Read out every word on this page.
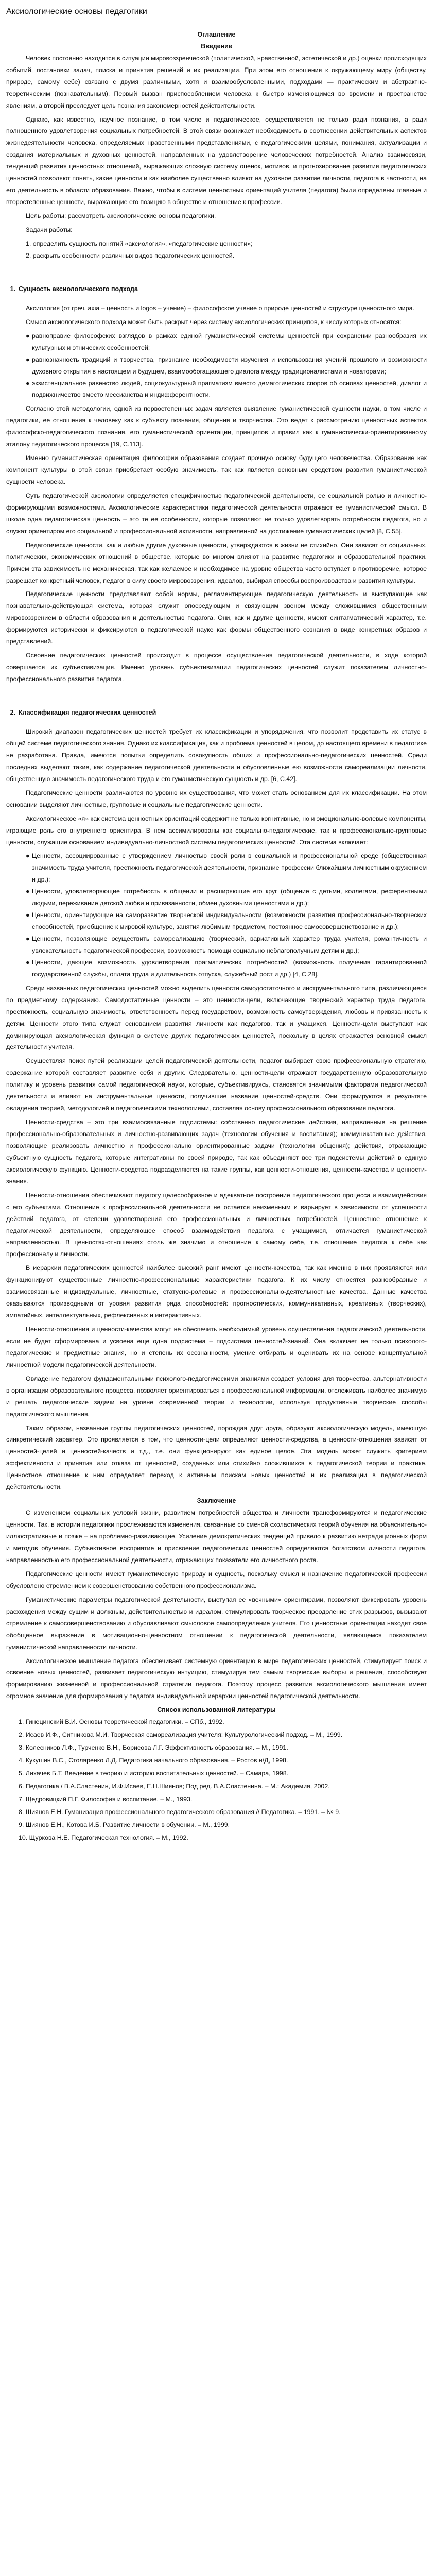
Аксиологические основы педагогики
Оглавление
Введение

Человек постоянно находится в ситуации мировоззренческой (политической, нравственной, эстетической и др.) оценки происходящих событий, постановки задач, поиска и принятия решений и их реализации. При этом его отношения к окружающему миру (обществу, природе, самому себе) связано с двумя различными, хотя и взаимообусловленными, подходами — практическим и абстрактно-теоретическим (познавательным). Первый вызван приспособлением человека к быстро изменяющимся во времени и пространстве явлениям, а второй преследует цель познания закономерностей действительности.

Однако, как известно, научное познание, в том числе и педагогическое, осуществляется не только ради познания, а ради полноценного удовлетворения социальных потребностей. В этой связи возникает необходимость в соотнесении действительных аспектов жизнедеятельности человека, определяемых нравственными представлениями, с педагогическими целями, понимания, актуализации и создания материальных и духовных ценностей, направленных на удовлетворение человеческих потребностей. Анализ взаимосвязи, тенденций развития ценностных отношений, выражающих сложную систему оценок, мотивов, и прогнозирование развития педагогических ценностей позволяют понять, какие ценности и как наиболее существенно влияют на духовное развитие личности, педагога в частности, на его деятельность в области образования. Важно, чтобы в системе ценностных ориентаций учителя (педагога) были определены главные и второстепенные ценности, выражающие его позицию в обществе и отношение к профессии.

Цель работы: рассмотреть аксиологические основы педагогики.

Задачи работы:

1. определить сущность понятий «аксиология», «педагогические ценности»;
2. раскрыть особенности различных видов педагогических ценностей.
1. Сущность аксиологического подхода

Аксиология (от греч. axia – ценность и logos – учение) – философское учение о природе ценностей и структуре ценностного мира.

Смысл аксиологического подхода может быть раскрыт через систему аксиологических принципов, к числу которых относятся:

● равноправие философских взглядов в рамках единой гуманистической системы ценностей при сохранении разнообразия их культурных и этнических особенностей;
● равнозначность традиций и творчества, признание необходимости изучения и использования учений прошлого и возможности духовного открытия в настоящем и будущем, взаимообогащающего диалога между традиционалистами и новаторами;
● экзистенциальное равенство людей, социокультурный прагматизм вместо демагогических споров об основах ценностей, диалог и подвижничество вместо мессианства и индифферентности.

Согласно этой методологии, одной из первостепенных задач является выявление гуманистической сущности науки, в том числе и педагогики, ее отношения к человеку как к субъекту познания, общения и творчества. Это ведет к рассмотрению ценностных аспектов философско-педагогического познания, его гуманистической ориентации, принципов и правил как к гуманистически-ориентированному эталону педагогического процесса [19, С.113].

Именно гуманистическая ориентация философии образования создает прочную основу будущего человечества. Образование как компонент культуры в этой связи приобретает особую значимость, так как является основным средством развития гуманистической сущности человека.

Суть педагогической аксиологии определяется специфичностью педагогической деятельности, ее социальной ролью и личностно-формирующими возможностями. Аксиологические характеристики педагогической деятельности отражают ее гуманистический смысл. В школе одна педагогическая ценность – это те ее особенности, которые позволяют не только удовлетворять потребности педагога, но и служат ориентиром его социальной и профессиональной активности, направленной на достижение гуманистических целей [8, С.55].

Педагогические ценности, как и любые другие духовные ценности, утверждаются в жизни не стихийно. Они зависят от социальных, политических, экономических отношений в обществе, которые во многом влияют на развитие педагогики и образовательной практики. Причем эта зависимость не механическая, так как желаемое и необходимое на уровне общества часто вступает в противоречие, которое разрешает конкретный человек, педагог в силу своего мировоззрения, идеалов, выбирая способы воспроизводства и развития культуры.

Педагогические ценности представляют собой нормы, регламентирующие педагогическую деятельность и выступающие как познавательно-действующая система, которая служит опосредующим и связующим звеном между сложившимся общественным мировоззрением в области образования и деятельностью педагога. Они, как и другие ценности, имеют синтагматический характер, т.е. формируются исторически и фиксируются в педагогической науке как формы общественного сознания в виде конкретных образов и представлений.

Освоение педагогических ценностей происходит в процессе осуществления педагогической деятельности, в ходе которой совершается их субъективизация. Именно уровень субъективизации педагогических ценностей служит показателем личностно-профессионального развития педагога.

2. Классификация педагогических ценностей

Широкий диапазон педагогических ценностей требует их классификации и упорядочения, что позволит представить их статус в общей системе педагогического знания. Однако их классификация, как и проблема ценностей в целом, до настоящего времени в педагогике не разработана. Правда, имеются попытки определить совокупность общих и профессионально-педагогических ценностей. Среди последних выделяют такие, как содержание педагогической деятельности и обусловленные ею возможности самореализации личности, общественную значимость педагогического труда и его гуманистическую сущность и др. [6, С.42].

Педагогические ценности различаются по уровню их существования, что может стать основанием для их классификации. На этом основании выделяют личностные, групповые и социальные педагогические ценности.

Аксиологическое «я» как система ценностных ориентаций содержит не только когнитивные, но и эмоционально-волевые компоненты, играющие роль его внутреннего ориентира. В нем ассимилированы как социально-педагогические, так и профессионально-групповые ценности, служащие основанием индивидуально-личностной системы педагогических ценностей. Эта система включает:

● Ценности, ассоциированные с утверждением личностью своей роли в социальной и профессиональной среде (общественная значимость труда учителя, престижность педагогической деятельности, признание профессии ближайшим личностным окружением и др.);
● Ценности, удовлетворяющие потребность в общении и расширяющие его круг (общение с детьми, коллегами, референтными людьми, переживание детской любви и привязанности, обмен духовными ценностями и др.);
● Ценности, ориентирующие на саморазвитие творческой индивидуальности (возможности развития профессионально-творческих способностей, приобщение к мировой культуре, занятия любимым предметом, постоянное самосовершенствование и др.);
● Ценности, позволяющие осуществить самореализацию (творческий, вариативный характер труда учителя, романтичность и увлекательность педагогической профессии, возможность помощи социально неблагополучным детям и др.);
● Ценности, дающие возможность удовлетворения прагматических потребностей (возможность получения гарантированной государственной службы, оплата труда и длительность отпуска, служебный рост и др.) [4, С.28].

Среди названных педагогических ценностей можно выделить ценности самодостаточного и инструментального типа, различающиеся по предметному содержанию. Самодостаточные ценности – это ценности-цели, включающие творческий характер труда педагога, престижность, социальную значимость, ответственность перед государством, возможность самоутверждения, любовь и привязанность к детям. Ценности этого типа служат основанием развития личности как педагогов, так и учащихся. Ценности-цели выступают как доминирующая аксиологическая функция в системе других педагогических ценностей, поскольку в целях отражается основной смысл деятельности учителя.

Осуществляя поиск путей реализации целей педагогической деятельности, педагог выбирает свою профессиональную стратегию, содержание которой составляет развитие себя и других. Следовательно, ценности-цели отражают государственную образовательную политику и уровень развития самой педагогической науки, которые, субъективируясь, становятся значимыми факторами педагогической деятельности и влияют на инструментальные ценности, получившие название ценностей-средств. Они формируются в результате овладения теорией, методологией и педагогическими технологиями, составляя основу профессионального образования педагога.

Ценности-средства – это три взаимосвязанные подсистемы: собственно педагогические действия, направленные на решение профессионально-образовательных и личностно-развивающих задач (технологии обучения и воспитания); коммуникативные действия, позволяющие реализовать личностно и профессионально ориентированные задачи (технологии общения); действия, отражающие субъектную сущность педагога, которые интегративны по своей природе, так как объединяют все три подсистемы действий в единую аксиологическую функцию. Ценности-средства подразделяются на такие группы, как ценности-отношения, ценности-качества и ценности-знания.

Ценности-отношения обеспечивают педагогу целесообразное и адекватное построение педагогического процесса и взаимодействия с его субъектами. Отношение к профессиональной деятельности не остается неизменным и варьирует в зависимости от успешности действий педагога, от степени удовлетворения его профессиональных и личностных потребностей. Ценностное отношение к педагогической деятельности, определяющее способ взаимодействия педагога с учащимися, отличается гуманистической направленностью. В ценностях-отношениях столь же значимо и отношение к самому себе, т.е. отношение педагога к себе как профессионалу и личности.

В иерархии педагогических ценностей наиболее высокий ранг имеют ценности-качества, так как именно в них проявляются или функционируют существенные личностно-профессиональные характеристики педагога. К их числу относятся разнообразные и взаимосвязанные индивидуальные, личностные, статусно-ролевые и профессионально-деятельностные качества. Данные качества оказываются производными от уровня развития ряда способностей: прогностических, коммуникативных, креативных (творческих), эмпатийных, интеллектуальных, рефлексивных и интерактивных.

Ценности-отношения и ценности-качества могут не обеспечить необходимый уровень осуществления педагогической деятельности, если не будет сформирована и усвоена еще одна подсистема – подсистема ценностей-знаний. Она включает не только психолого-педагогические и предметные знания, но и степень их осознанности, умение отбирать и оценивать их на основе концептуальной личностной модели педагогической деятельности.

Овладение педагогом фундаментальными психолого-педагогическими знаниями создает условия для творчества, альтернативности в организации образовательного процесса, позволяет ориентироваться в профессиональной информации, отслеживать наиболее значимую и решать педагогические задачи на уровне современной теории и технологии, используя продуктивные творческие способы педагогического мышления.

Таким образом, названные группы педагогических ценностей, порождая друг друга, образуют аксиологическую модель, имеющую синкретический характер. Это проявляется в том, что ценности-цели определяют ценности-средства, а ценности-отношения зависят от ценностей-целей и ценностей-качеств и т.д., т.е. они функционируют как единое целое. Эта модель может служить критерием эффективности и принятия или отказа от ценностей, созданных или стихийно сложившихся в педагогической теории и практике. Ценностное отношение к ним определяет переход к активным поискам новых ценностей и их реализации в педагогической действительности.

Заключение

С изменением социальных условий жизни, развитием потребностей общества и личности трансформируются и педагогические ценности. Так, в истории педагогики прослеживаются изменения, связанные со сменой схоластических теорий обучения на объяснительно-иллюстративные и позже – на проблемно-развивающие. Усиление демократических тенденций привело к развитию нетрадиционных форм и методов обучения. Субъективное восприятие и присвоение педагогических ценностей определяются богатством личности педагога, направленностью его профессиональной деятельности, отражающих показатели его личностного роста.

Педагогические ценности имеют гуманистическую природу и сущность, поскольку смысл и назначение педагогической профессии обусловлено стремлением к совершенствованию собственного профессионализма.

Гуманистические параметры педагогической деятельности, выступая ее «вечными» ориентирами, позволяют фиксировать уровень расхождения между сущим и должным, действительностью и идеалом, стимулировать творческое преодоление этих разрывов, вызывают стремление к самосовершенствованию и обуславливают смысловое самоопределение учителя. Его ценностные ориентации находят свое обобщенное выражение в мотивационно-ценностном отношении к педагогической деятельности, являющемся показателем гуманистической направленности личности.

Аксиологическое мышление педагога обеспечивает системную ориентацию в мире педагогических ценностей, стимулирует поиск и освоение новых ценностей, развивает педагогическую интуицию, стимулируя тем самым творческие выборы и решения, способствует формированию жизненной и профессиональной стратегии педагога. Поэтому процесс развития аксиологического мышления имеет огромное значение для формирования у педагога индивидуальной иерархии ценностей педагогической деятельности.

Список использованной литературы
1. Гинецинский В.И. Основы теоретической педагогики. – СПб., 1992.
2. Исаев И.Ф., Ситникова М.И. Творческая самореализация учителя: Культурологический подход. – М., 1999.
3. Колесников Л.Ф., Турченко В.Н., Борисова Л.Г. Эффективность образования. – М., 1991.
4. Кукушин В.С., Столяренко Л.Д. Педагогика начального образования. – Ростов н/Д, 1998.
5. Лихачев Б.Т. Введение в теорию и историю воспитательных ценностей. – Самара, 1998.
6. Педагогика / В.А.Сластенин, И.Ф.Исаев, Е.Н.Шиянов; Под ред. В.А.Сластенина. – М.: Академия, 2002.
7. Щедровицкий П.Г. Философия и воспитание. – М., 1993.
8. Шиянов Е.Н. Гуманизация профессионального педагогического образования // Педагогика. – 1991. – № 9.
9. Шиянов Е.Н., Котова И.Б. Развитие личности в обучении. – М., 1999.
10. Щуркова Н.Е. Педагогическая технология. – М., 1992.
